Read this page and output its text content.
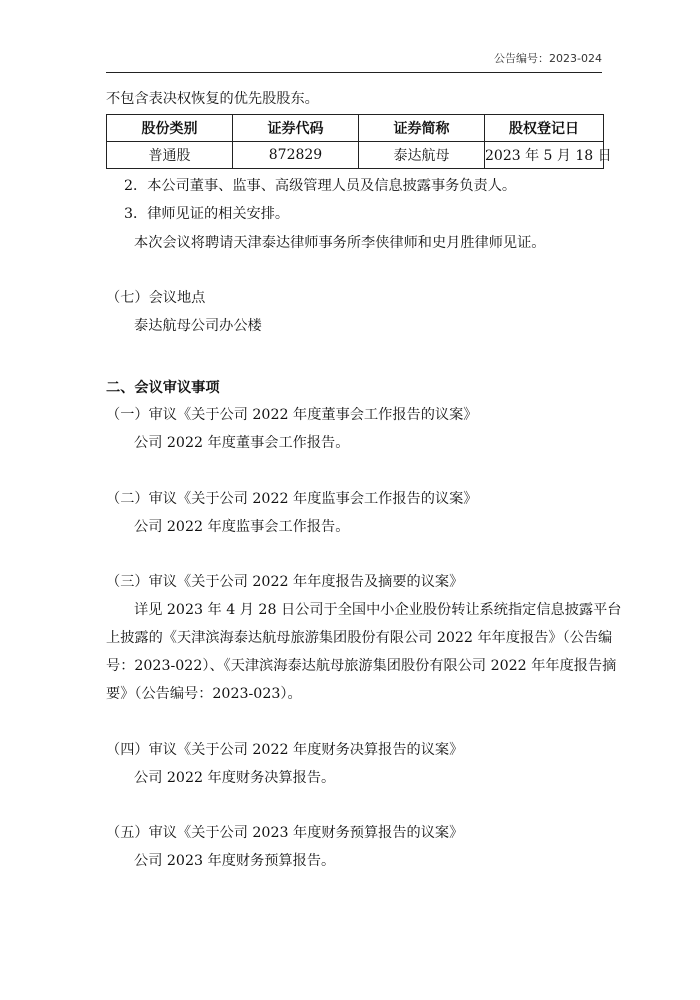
公告编号：2023-024
不包含表决权恢复的优先股股东。
股份类别	证券代码	证券简称	股权登记日
普通股	872829	泰达航母	2023 年 5 月 18 日
2．本公司董事、监事、高级管理人员及信息披露事务负责人。
3．律师见证的相关安排。
本次会议将聘请天津泰达律师事务所李侠律师和史月胜律师见证。
（七）会议地点
泰达航母公司办公楼
二、会议审议事项
（一）审议《关于公司 2022 年度董事会工作报告的议案》
公司 2022 年度董事会工作报告。
（二）审议《关于公司 2022 年度监事会工作报告的议案》
公司 2022 年度监事会工作报告。
（三）审议《关于公司 2022 年年度报告及摘要的议案》
详见 2023 年 4 月 28 日公司于全国中小企业股份转让系统指定信息披露平台
上披露的《天津滨海泰达航母旅游集团股份有限公司 2022 年年度报告》（公告编
号：2023-022）、《天津滨海泰达航母旅游集团股份有限公司 2022 年年度报告摘
要》（公告编号：2023-023）。
（四）审议《关于公司 2022 年度财务决算报告的议案》
公司 2022 年度财务决算报告。
（五）审议《关于公司 2023 年度财务预算报告的议案》
公司 2023 年度财务预算报告。
